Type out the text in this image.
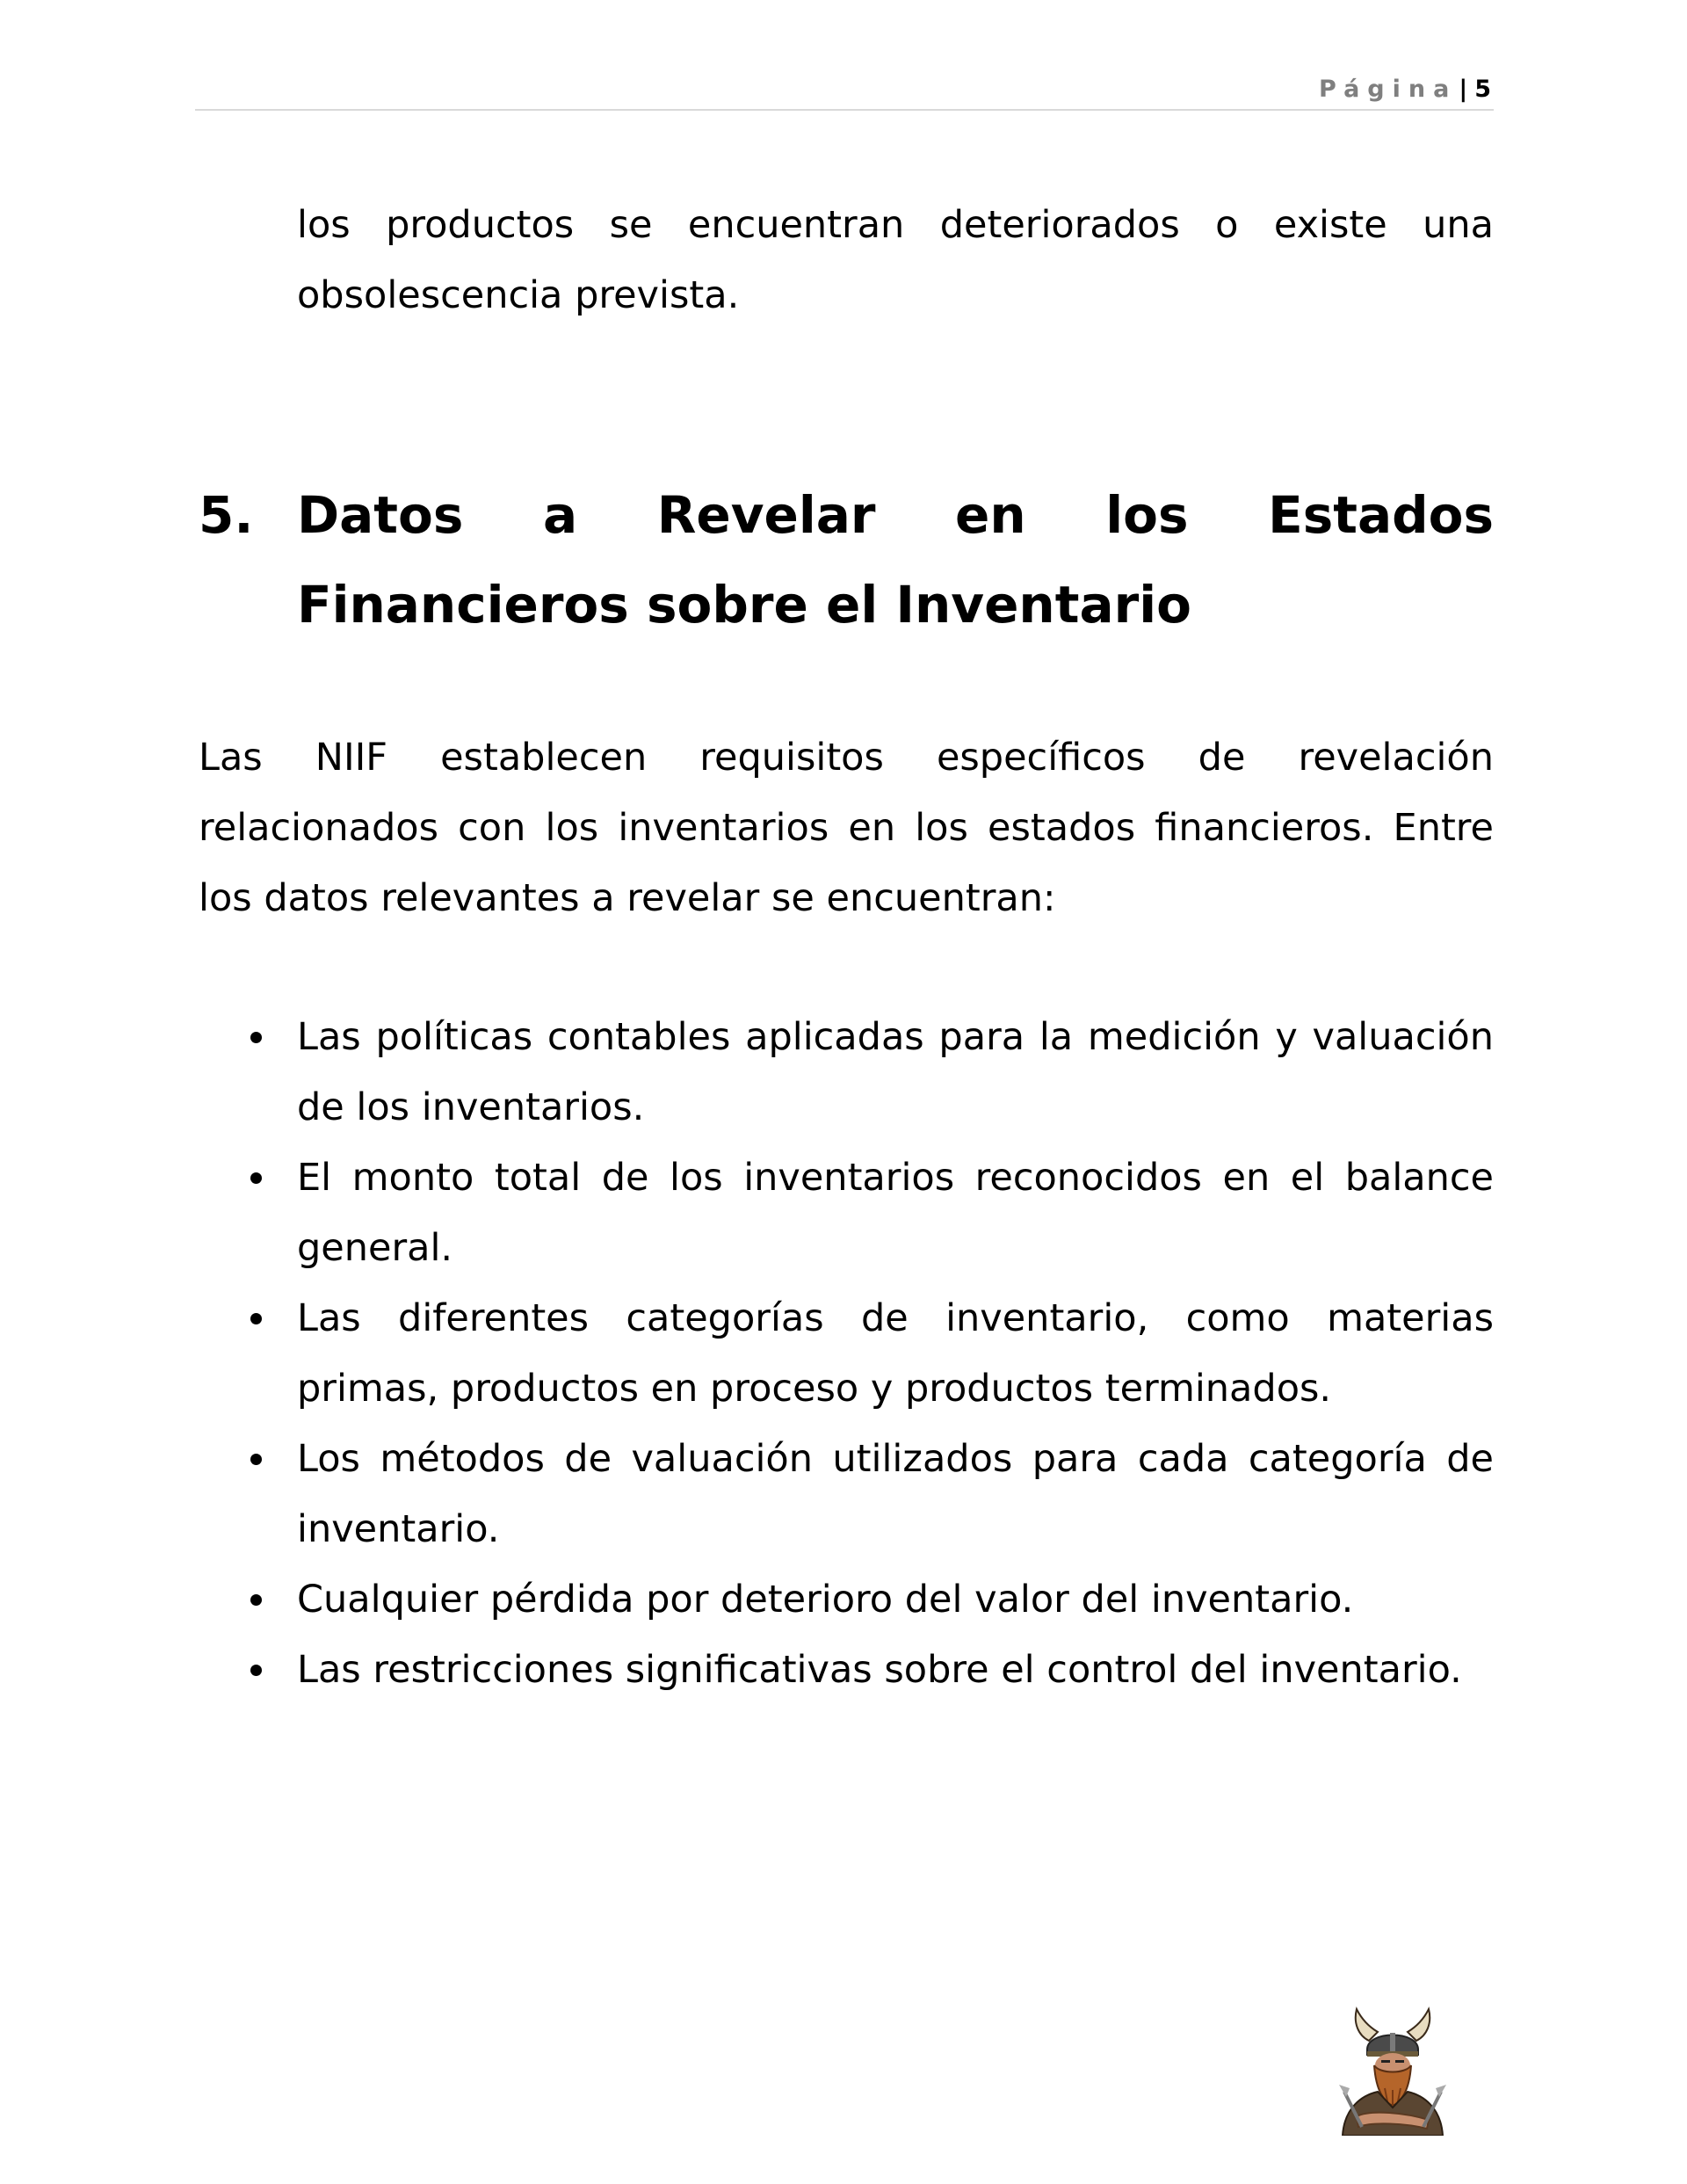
Página| 5
los productos se encuentran deteriorados o existe una obsolescencia prevista.
5. Datos a Revelar en los Estados Financieros sobre el Inventario
Las NIIF establecen requisitos específicos de revelación relacionados con los inventarios en los estados financieros. Entre los datos relevantes a revelar se encuentran:
Las políticas contables aplicadas para la medición y valuación de los inventarios.
El monto total de los inventarios reconocidos en el balance general.
Las diferentes categorías de inventario, como materias primas, productos en proceso y productos terminados.
Los métodos de valuación utilizados para cada categoría de inventario.
Cualquier pérdida por deterioro del valor del inventario.
Las restricciones significativas sobre el control del inventario.
